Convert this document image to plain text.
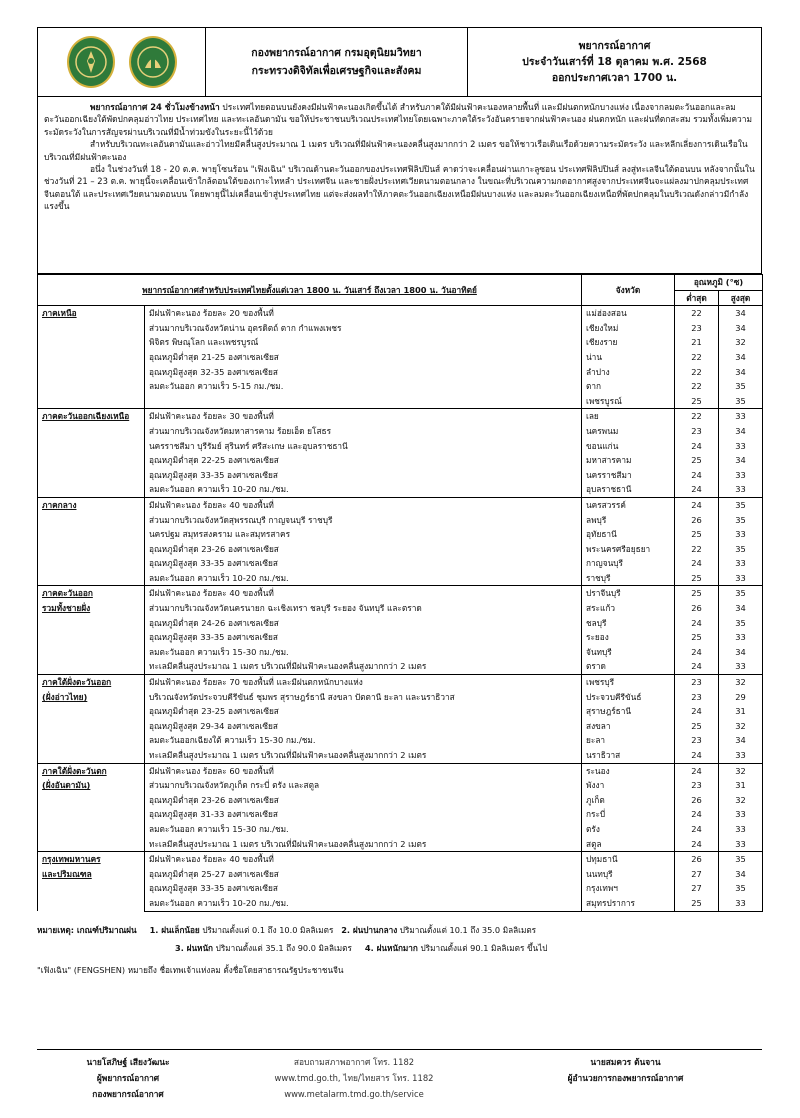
กองพยากรณ์อากาศ กรมอุตุนิยมวิทยา
กระทรวงดิจิทัลเพื่อเศรษฐกิจและสังคม
พยากรณ์อากาศ
ประจำวันเสาร์ที่ 18 ตุลาคม พ.ศ. 2568
ออกประกาศเวลา 1700 น.

พยากรณ์อากาศ 24 ชั่วโมงข้างหน้า ประเทศไทยตอนบนยังคงมีฝนฟ้าคะนองเกิดขึ้นได้ สำหรับภาคใต้มีฝนฟ้าคะนองหลายพื้นที่ และมีฝนตกหนักบางแห่ง เนื่องจากลมตะวันออกและลมตะวันออกเฉียงใต้พัดปกคลุมอ่าวไทย ประเทศไทย และทะเลอันดามัน ขอให้ประชาชนบริเวณประเทศไทยโดยเฉพาะภาคใต้ระวังอันตรายจากฝนฟ้าคะนอง ฝนตกหนัก และฝนที่ตกสะสม รวมทั้งเพิ่มความระมัดระวังในการสัญจรผ่านบริเวณที่มีน้ำท่วมขังในระยะนี้ไว้ด้วย

สำหรับบริเวณทะเลอันดามันและอ่าวไทยมีคลื่นสูงประมาณ 1 เมตร บริเวณที่มีฝนฟ้าคะนองคลื่นสูงมากกว่า 2 เมตร ขอให้ชาวเรือเดินเรือด้วยความระมัดระวัง และหลีกเลี่ยงการเดินเรือในบริเวณที่มีฝนฟ้าคะนอง

อนึ่ง ในช่วงวันที่ 18 - 20 ต.ค. พายุโซนร้อน "เฟิงเฉิน" บริเวณด้านตะวันออกของประเทศฟิลิปปินส์ คาดว่าจะเคลื่อนผ่านเกาะลูซอน ประเทศฟิลิปปินส์ ลงสู่ทะเลจีนใต้ตอนบน หลังจากนั้นในช่วงวันที่ 21 – 23 ต.ค. พายุนี้จะเคลื่อนเข้าใกล้ตอนใต้ของเกาะไหหลำ ประเทศจีน และชายฝั่งประเทศเวียดนามตอนกลาง ในขณะที่บริเวณความกดอากาศสูงจากประเทศจีนจะแผ่ลงมาปกคลุมประเทศจีนตอนใต้ และประเทศเวียดนามตอนบน โดยพายุนี้ไม่เคลื่อนเข้าสู่ประเทศไทย แต่จะส่งผลทำให้ภาคตะวันออกเฉียงเหนือมีฝนบางแห่ง และลมตะวันออกเฉียงเหนือที่พัดปกคลุมในบริเวณดังกล่าวมีกำลังแรงขึ้น

พยากรณ์อากาศสำหรับประเทศไทยตั้งแต่เวลา 1800 น. วันเสาร์ ถึงเวลา 1800 น. วันอาทิตย์		จังหวัด	อุณหภูมิ (°ซ)	
			ต่ำสุด	สูงสุด

ภาคเหนือ	มีฝนฟ้าคะนอง ร้อยละ 20 ของพื้นที่	แม่ฮ่องสอน	22	34
	ส่วนมากบริเวณจังหวัดน่าน อุตรดิตถ์ ตาก กำแพงเพชร	เชียงใหม่	23	34
	พิจิตร พิษณุโลก และเพชรบูรณ์	เชียงราย	21	32
	อุณหภูมิต่ำสุด 21-25 องศาเซลเซียส	น่าน	22	34
	อุณหภูมิสูงสุด 32-35 องศาเซลเซียส	ลำปาง	22	34
	ลมตะวันออก ความเร็ว 5-15 กม./ชม.	ตาก	22	35
		เพชรบูรณ์	25	35

ภาคตะวันออกเฉียงเหนือ	มีฝนฟ้าคะนอง ร้อยละ 30 ของพื้นที่	เลย	22	33
	ส่วนมากบริเวณจังหวัดมหาสารคาม ร้อยเอ็ด ยโสธร	นครพนม	23	34
	นครราชสีมา บุรีรัมย์ สุรินทร์ ศรีสะเกษ และอุบลราชธานี	ขอนแก่น	24	33
	อุณหภูมิต่ำสุด 22-25 องศาเซลเซียส	มหาสารคาม	25	34
	อุณหภูมิสูงสุด 33-35 องศาเซลเซียส	นครราชสีมา	24	33
	ลมตะวันออก ความเร็ว 10-20 กม./ชม.	อุบลราชธานี	24	33

ภาคกลาง	มีฝนฟ้าคะนอง ร้อยละ 40 ของพื้นที่	นครสวรรค์	24	35
	ส่วนมากบริเวณจังหวัดสุพรรณบุรี กาญจนบุรี ราชบุรี	ลพบุรี	26	35
	นครปฐม สมุทรสงคราม และสมุทรสาคร	อุทัยธานี	25	33
	อุณหภูมิต่ำสุด 23-26 องศาเซลเซียส	พระนครศรีอยุธยา	22	35
	อุณหภูมิสูงสุด 33-35 องศาเซลเซียส	กาญจนบุรี	24	33
	ลมตะวันออก ความเร็ว 10-20 กม./ชม.	ราชบุรี	25	33

ภาคตะวันออก
รวมทั้งชายฝั่ง	มีฝนฟ้าคะนอง ร้อยละ 40 ของพื้นที่	ปราจีนบุรี	25	35
	ส่วนมากบริเวณจังหวัดนครนายก ฉะเชิงเทรา ชลบุรี ระยอง จันทบุรี และตราด	สระแก้ว	26	34
	อุณหภูมิต่ำสุด 24-26 องศาเซลเซียส	ชลบุรี	24	35
	อุณหภูมิสูงสุด 33-35 องศาเซลเซียส	ระยอง	25	33
	ลมตะวันออก ความเร็ว 15-30 กม./ชม.	จันทบุรี	24	34
	ทะเลมีคลื่นสูงประมาณ 1 เมตร บริเวณที่มีฝนฟ้าคะนองคลื่นสูงมากกว่า 2 เมตร	ตราด	24	33

ภาคใต้ฝั่งตะวันออก
(ฝั่งอ่าวไทย)	มีฝนฟ้าคะนอง ร้อยละ 70 ของพื้นที่ และมีฝนตกหนักบางแห่ง	เพชรบุรี	23	32
	บริเวณจังหวัดประจวบคีรีขันธ์ ชุมพร สุราษฎร์ธานี สงขลา ปัตตานี ยะลา และนราธิวาส	ประจวบคีรีขันธ์	23	29
	อุณหภูมิต่ำสุด 23-25 องศาเซลเซียส	สุราษฎร์ธานี	24	31
	อุณหภูมิสูงสุด 29-34 องศาเซลเซียส	สงขลา	25	32
	ลมตะวันออกเฉียงใต้ ความเร็ว 15-30 กม./ชม.	ยะลา	23	34
	ทะเลมีคลื่นสูงประมาณ 1 เมตร บริเวณที่มีฝนฟ้าคะนองคลื่นสูงมากกว่า 2 เมตร	นราธิวาส	24	33

ภาคใต้ฝั่งตะวันตก
(ฝั่งอันดามัน)	มีฝนฟ้าคะนอง ร้อยละ 60 ของพื้นที่	ระนอง	24	32
	ส่วนมากบริเวณจังหวัดภูเก็ต กระบี่ ตรัง และสตูล	พังงา	23	31
	อุณหภูมิต่ำสุด 23-26 องศาเซลเซียส	ภูเก็ต	26	32
	อุณหภูมิสูงสุด 31-33 องศาเซลเซียส	กระบี่	24	33
	ลมตะวันออก ความเร็ว 15-30 กม./ชม.	ตรัง	24	33
	ทะเลมีคลื่นสูงประมาณ 1 เมตร บริเวณที่มีฝนฟ้าคะนองคลื่นสูงมากกว่า 2 เมตร	สตูล	24	33

กรุงเทพมหานคร
และปริมณฑล	มีฝนฟ้าคะนอง ร้อยละ 40 ของพื้นที่	ปทุมธานี	26	35
	อุณหภูมิต่ำสุด 25-27 องศาเซลเซียส	นนทบุรี	27	34
	อุณหภูมิสูงสุด 33-35 องศาเซลเซียส	กรุงเทพฯ	27	35
	ลมตะวันออก ความเร็ว 10-20 กม./ชม.	สมุทรปราการ	25	33
หมายเหตุ: เกณฑ์ปริมาณฝน 1. ฝนเล็กน้อย ปริมาณตั้งแต่ 0.1 ถึง 10.0 มิลลิเมตร 2. ฝนปานกลาง ปริมาณตั้งแต่ 10.1 ถึง 35.0 มิลลิเมตร
3. ฝนหนัก ปริมาณตั้งแต่ 35.1 ถึง 90.0 มิลลิเมตร 4. ฝนหนักมาก ปริมาณตั้งแต่ 90.1 มิลลิเมตร ขึ้นไป
"เฟิงเฉิน" (FENGSHEN) หมายถึง ชื่อเทพเจ้าแห่งลม ตั้งชื่อโดยสาธารณรัฐประชาชนจีน
นายโสภิษฐ์ เสียงวัฒนะ
ผู้พยากรณ์อากาศ
กองพยากรณ์อากาศ
สอบถามสภาพอากาศ โทร. 1182
www.tmd.go.th, ไทย/ไทยสาร โทร. 1182
www.metalarm.tmd.go.th/service
นายสมควร ต้นจาน
ผู้อำนวยการกองพยากรณ์อากาศ
